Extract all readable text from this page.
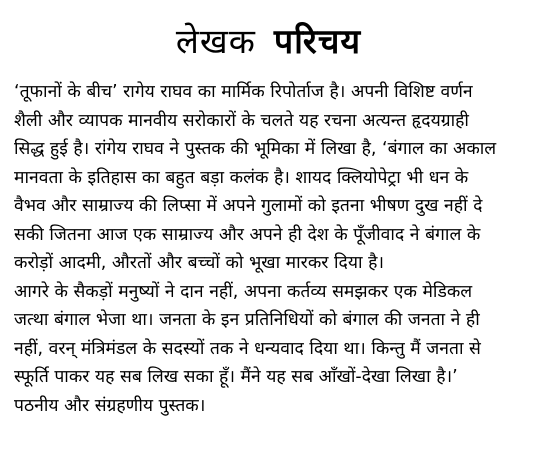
लेखक परिचय
‘तूफानों के बीच’ रागेय राघव का मार्मिक रिपोर्ताज है। अपनी विशिष्ट वर्णन
शैली और व्यापक मानवीय सरोकारों के चलते यह रचना अत्यन्त हृदयग्राही
सिद्ध हुई है। रांगेय राघव ने पुस्तक की भूमिका में लिखा है, ‘बंगाल का अकाल
मानवता के इतिहास का बहुत बड़ा कलंक है। शायद क्लियोपेट्रा भी धन के
वैभव और साम्राज्य की लिप्सा में अपने गुलामों को इतना भीषण दुख नहीं दे
सकी जितना आज एक साम्राज्य और अपने ही देश के पूँजीवाद ने बंगाल के
करोड़ों आदमी, औरतों और बच्चों को भूखा मारकर दिया है।
आगरे के सैकड़ों मनुष्यों ने दान नहीं, अपना कर्तव्य समझकर एक मेडिकल
जत्था बंगाल भेजा था। जनता के इन प्रतिनिधियों को बंगाल की जनता ने ही
नहीं, वरन् मंत्रिमंडल के सदस्यों तक ने धन्यवाद दिया था। किन्तु मैं जनता से
स्फूर्ति पाकर यह सब लिख सका हूँ। मैंने यह सब आँखों-देखा लिखा है।’
पठनीय और संग्रहणीय पुस्तक।
